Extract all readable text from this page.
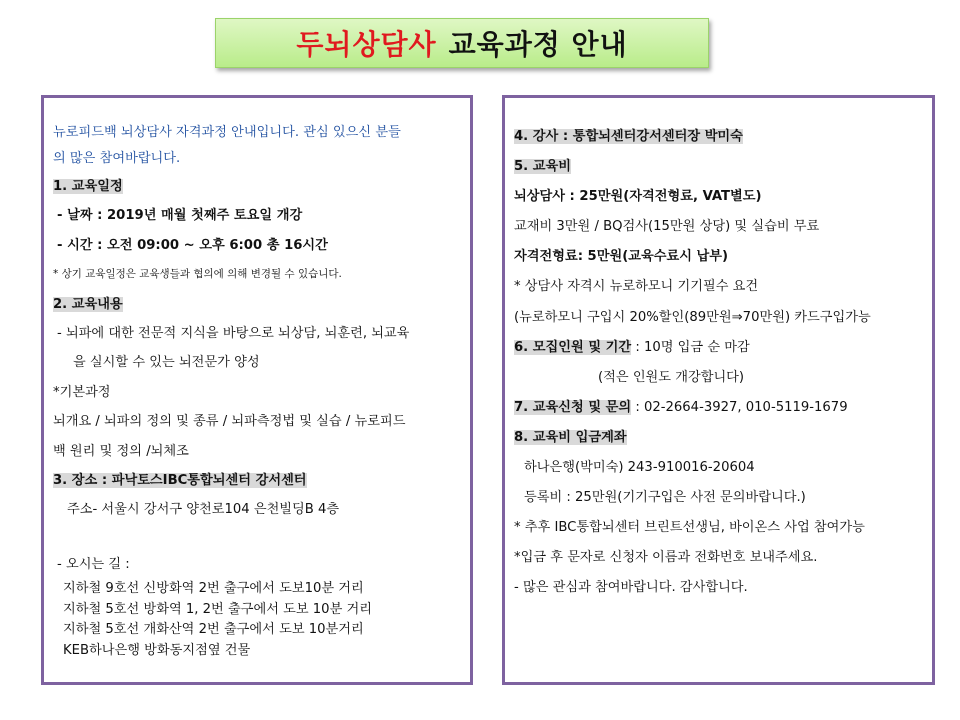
두뇌상담사 교육과정 안내
뉴로피드백 뇌상담사 자격과정 안내입니다. 관심 있으신 분들
의 많은 참여바랍니다.
1. 교육일정
- 날짜 : 2019년 매월 첫째주 토요일 개강
- 시간 : 오전 09:00 ~ 오후 6:00 총 16시간
* 상기 교육일정은 교육생들과 협의에 의해 변경될 수 있습니다.
2. 교육내용
- 뇌파에 대한 전문적 지식을 바탕으로 뇌상담, 뇌훈련, 뇌교육
을 실시할 수 있는 뇌전문가 양성
*기본과정
뇌개요 / 뇌파의 정의 및 종류 / 뇌파측정법 및 실습 / 뉴로피드
백 원리 및 정의 /뇌체조
3. 장소 : 파낙토스IBC통합뇌센터 강서센터
주소- 서울시 강서구 양천로104 은천빌딩B 4층
- 오시는 길 :
지하철 9호선 신방화역 2번 출구에서 도보10분 거리
지하철 5호선 방화역 1, 2번 출구에서 도보 10분 거리
지하철 5호선 개화산역 2번 출구에서 도보 10분거리
KEB하나은행 방화동지점옆 건물
4. 강사 : 통합뇌센터강서센터장 박미숙
5. 교육비
뇌상담사 : 25만원(자격전형료, VAT별도)
교재비 3만원 / BQ검사(15만원 상당) 및 실습비 무료
자격전형료: 5만원(교육수료시 납부)
* 상담사 자격시 뉴로하모니 기기필수 요건
(뉴로하모니 구입시 20%할인(89만원⇒70만원) 카드구입가능
6. 모집인원 및 기간 : 10명 입금 순 마감
(적은 인원도 개강합니다)
7. 교육신청 및 문의 : 02-2664-3927, 010-5119-1679
8. 교육비 입금계좌
하나은행(박미숙) 243-910016-20604
등록비 : 25만원(기기구입은 사전 문의바랍니다.)
* 추후 IBC통합뇌센터 브린트선생님, 바이온스 사업 참여가능
*입금 후 문자로 신청자 이름과 전화번호 보내주세요.
- 많은 관심과 참여바랍니다. 감사합니다.
